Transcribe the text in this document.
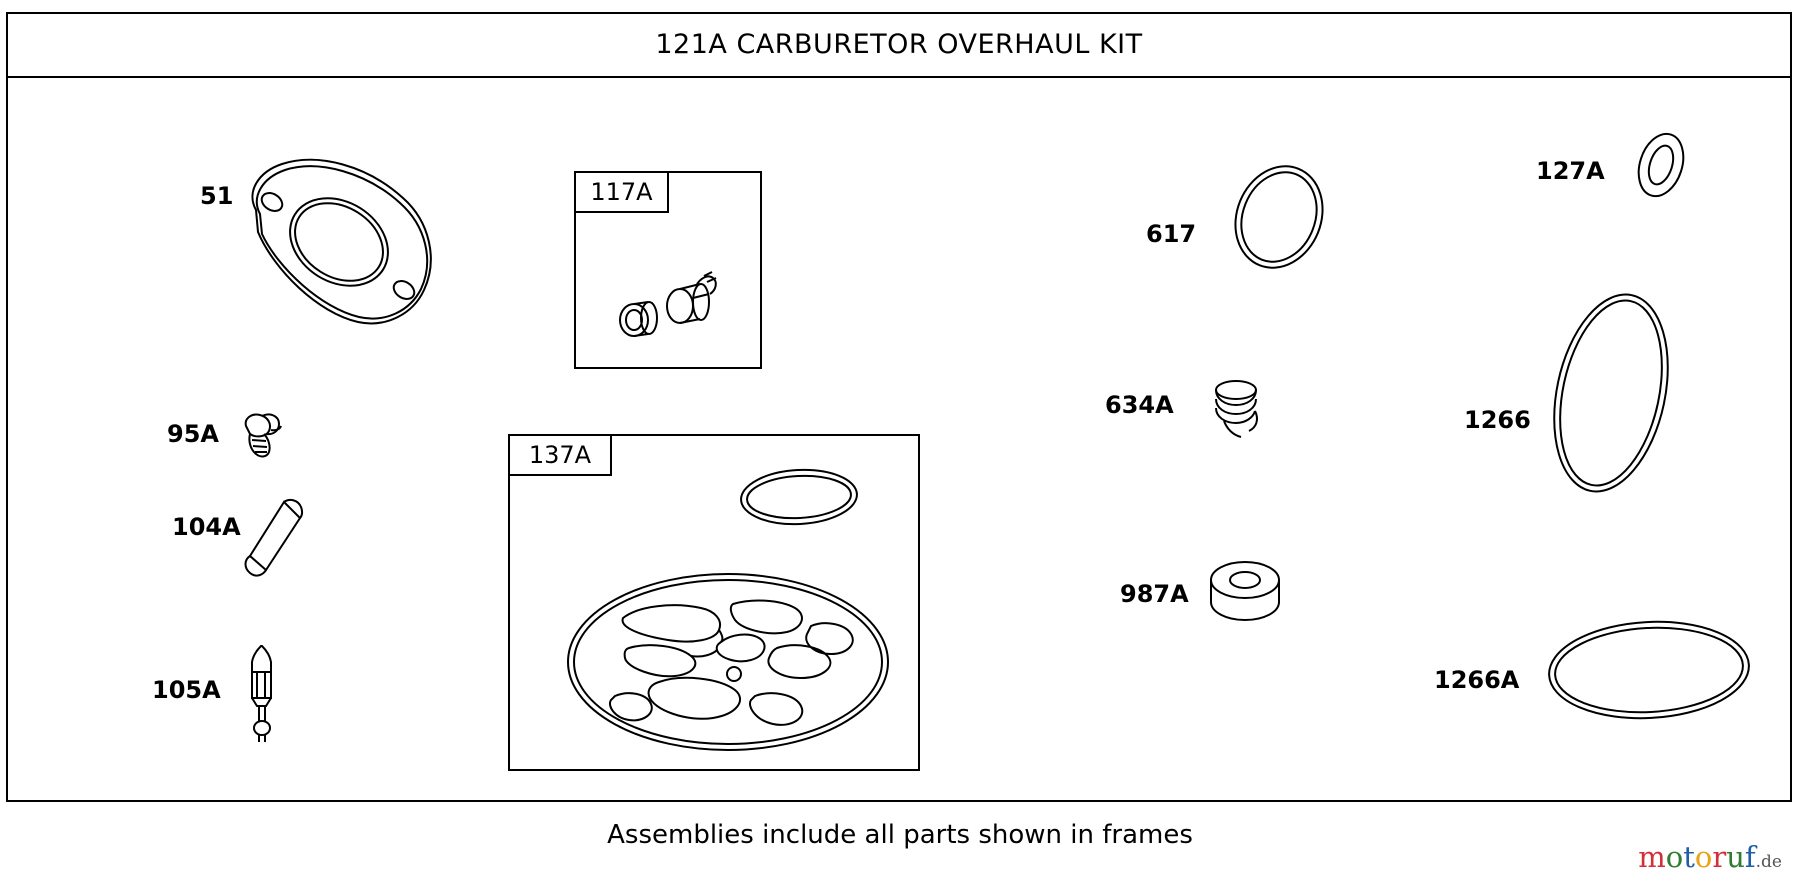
121A CARBURETOR OVERHAUL KIT
51
95A
104A
105A
117A
137A
617
634A
987A
127A
1266
1266A
Assemblies include all parts shown in frames
motoruf.de
